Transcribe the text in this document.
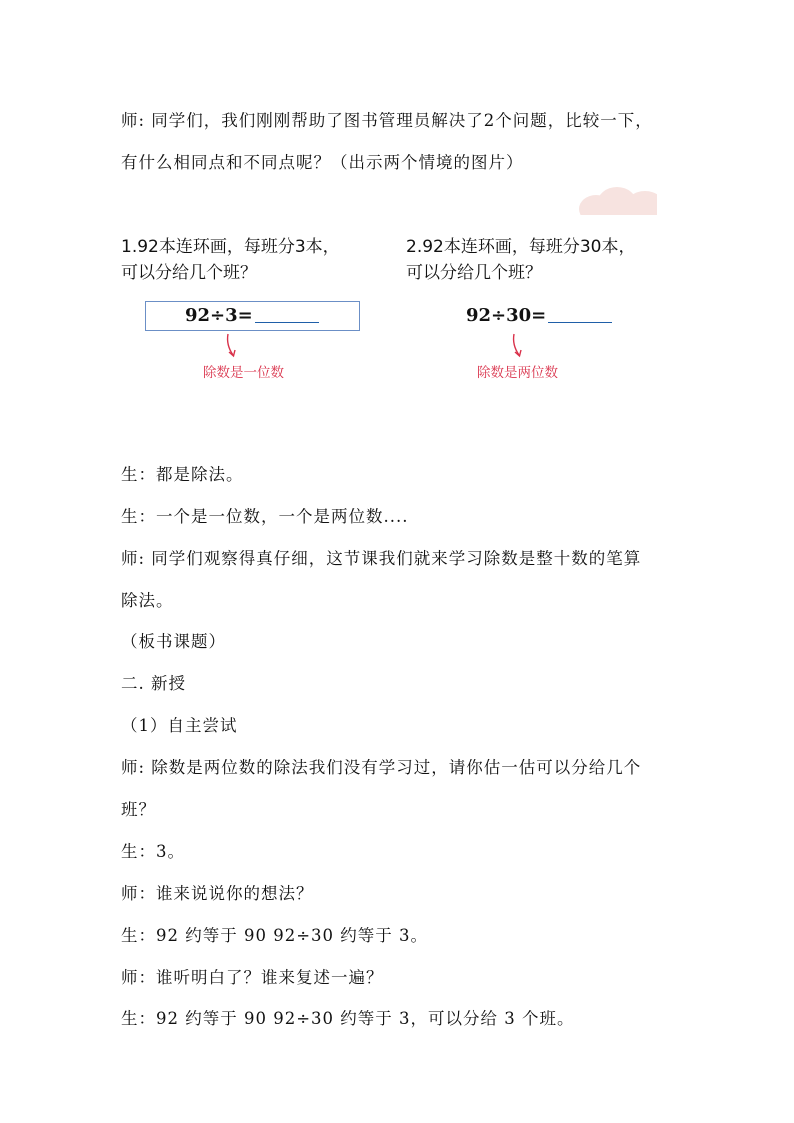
师: 同学们，我们刚刚帮助了图书管理员解决了2个问题，比较一下，
有什么相同点和不同点呢？（出示两个情境的图片）
1.92本连环画，每班分3本，
可以分给几个班？
92÷3=
除数是一位数
2.92本连环画，每班分30本，
可以分给几个班？
92÷30=
除数是两位数
生：都是除法。
生：一个是一位数，一个是两位数....
师: 同学们观察得真仔细，这节课我们就来学习除数是整十数的笔算
除法。
（板书课题）
二. 新授
（1）自主尝试
师: 除数是两位数的除法我们没有学习过，请你估一估可以分给几个
班？
生：3。
师：谁来说说你的想法？
生：92 约等于 90 92÷30 约等于 3。
师：谁听明白了？谁来复述一遍？
生：92 约等于 90 92÷30 约等于 3，可以分给 3 个班。
